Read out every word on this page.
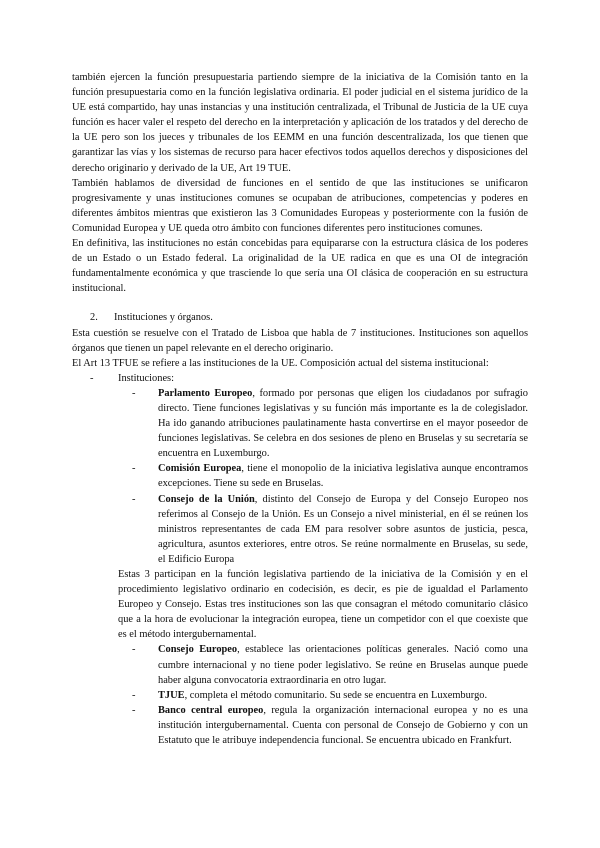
también ejercen la función presupuestaria partiendo siempre de la iniciativa de la Comisión tanto en la función presupuestaria como en la función legislativa ordinaria. El poder judicial en el sistema jurídico de la UE está compartido, hay unas instancias y una institución centralizada, el Tribunal de Justicia de la UE cuya función es hacer valer el respeto del derecho en la interpretación y aplicación de los tratados y del derecho de la UE pero son los jueces y tribunales de los EEMM en una función descentralizada, los que tienen que garantizar las vías y los sistemas de recurso para hacer efectivos todos aquellos derechos y disposiciones del derecho originario y derivado de la UE, Art 19 TUE.

También hablamos de diversidad de funciones en el sentido de que las instituciones se unificaron progresivamente y unas instituciones comunes se ocupaban de atribuciones, competencias y poderes en diferentes ámbitos mientras que existieron las 3 Comunidades Europeas y posteriormente con la fusión de Comunidad Europea y UE queda otro ámbito con funciones diferentes pero instituciones comunes.

En definitiva, las instituciones no están concebidas para equipararse con la estructura clásica de los poderes de un Estado o un Estado federal. La originalidad de la UE radica en que es una OI de integración fundamentalmente económica y que trasciende lo que sería una OI clásica de cooperación en su estructura institucional.

2. Instituciones y órganos.

Esta cuestión se resuelve con el Tratado de Lisboa que habla de 7 instituciones. Instituciones son aquellos órganos que tienen un papel relevante en el derecho originario.

El Art 13 TFUE se refiere a las instituciones de la UE. Composición actual del sistema institucional:

- Instituciones:
- Parlamento Europeo, formado por personas que eligen los ciudadanos por sufragio directo. Tiene funciones legislativas y su función más importante es la de colegislador. Ha ido ganando atribuciones paulatinamente hasta convertirse en el mayor poseedor de funciones legislativas. Se celebra en dos sesiones de pleno en Bruselas y su secretaría se encuentra en Luxemburgo.
- Comisión Europea, tiene el monopolio de la iniciativa legislativa aunque encontramos excepciones. Tiene su sede en Bruselas.
- Consejo de la Unión, distinto del Consejo de Europa y del Consejo Europeo nos referimos al Consejo de la Unión. Es un Consejo a nivel ministerial, en él se reúnen los ministros representantes de cada EM para resolver sobre asuntos de justicia, pesca, agricultura, asuntos exteriores, entre otros. Se reúne normalmente en Bruselas, su sede, el Edificio Europa

Estas 3 participan en la función legislativa partiendo de la iniciativa de la Comisión y en el procedimiento legislativo ordinario en codecisión, es decir, es pie de igualdad el Parlamento Europeo y Consejo. Estas tres instituciones son las que consagran el método comunitario clásico que a la hora de evolucionar la integración europea, tiene un competidor con el que coexiste que es el método intergubernamental.

- Consejo Europeo, establece las orientaciones políticas generales. Nació como una cumbre internacional y no tiene poder legislativo. Se reúne en Bruselas aunque puede haber alguna convocatoria extraordinaria en otro lugar.
- TJUE, completa el método comunitario. Su sede se encuentra en Luxemburgo.
- Banco central europeo, regula la organización internacional europea y no es una institución intergubernamental. Cuenta con personal de Consejo de Gobierno y con un Estatuto que le atribuye independencia funcional. Se encuentra ubicado en Frankfurt.
